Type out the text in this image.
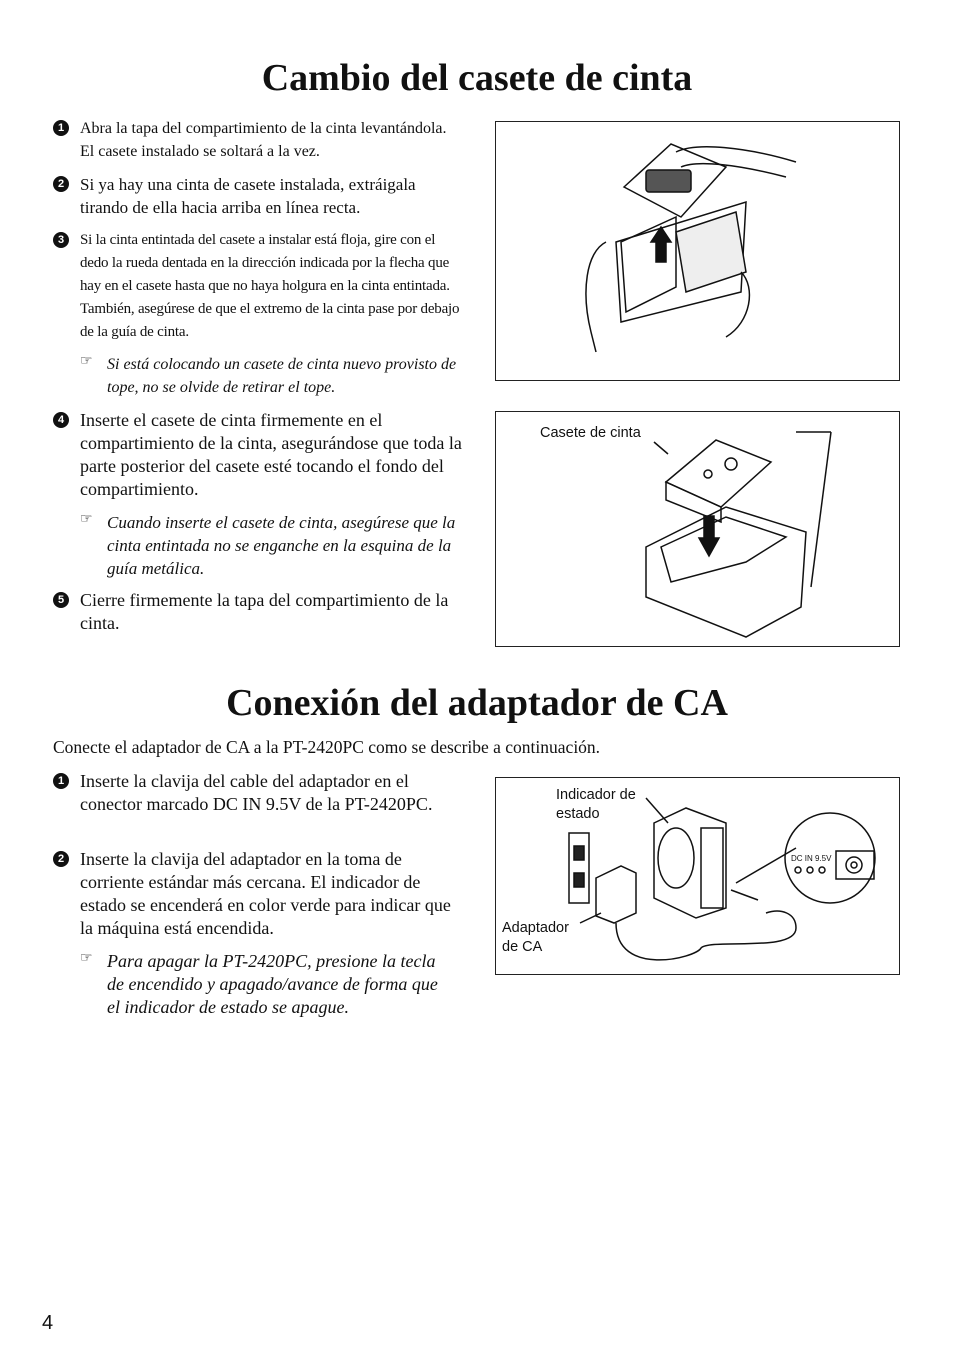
Cambio del casete de cinta
1 Abra la tapa del compartimiento de la cinta levantándola. El casete instalado se soltará a la vez.
2 Si ya hay una cinta de casete instalada, extráigala tirando de ella hacia arriba en línea recta.
3	Si la cinta entintada del casete a instalar está floja, gire con el dedo la rueda dentada en la dirección indicada por la flecha que hay en el casete hasta que no haya holgura en la cinta entintada. También, asegúrese de que el extremo de la cinta pase por debajo de la guía de cinta.
☞ Si está colocando un casete de cinta nuevo provisto de tope, no se olvide de retirar el tope.
4 Inserte el casete de cinta firmemente en el compartimiento de la cinta, asegurándose que toda la parte posterior del casete esté tocando el fondo del compartimiento.
☞ Cuando inserte el casete de cinta, asegúrese que la cinta entintada no se enganche en la esquina de la guía metálica.
5 Cierre firmemente la tapa del compartimiento de la cinta.
Casete de cinta
Conexión del adaptador de CA
Conecte el adaptador de CA a la PT-2420PC como se describe a continuación.
1 Inserte la clavija del cable del adaptador en el conector marcado DC IN 9.5V de la PT-2420PC.
2 Inserte la clavija del adaptador en la toma de corriente estándar más cercana. El indicador de estado se encenderá en color verde para indicar que la máquina está encendida.
☞ Para apagar la PT-2420PC, presione la tecla de encendido y apagado/avance de forma que el indicador de estado se apague.
Indicador de
estado
Adaptador
de CA
DC IN 9.5V
4
